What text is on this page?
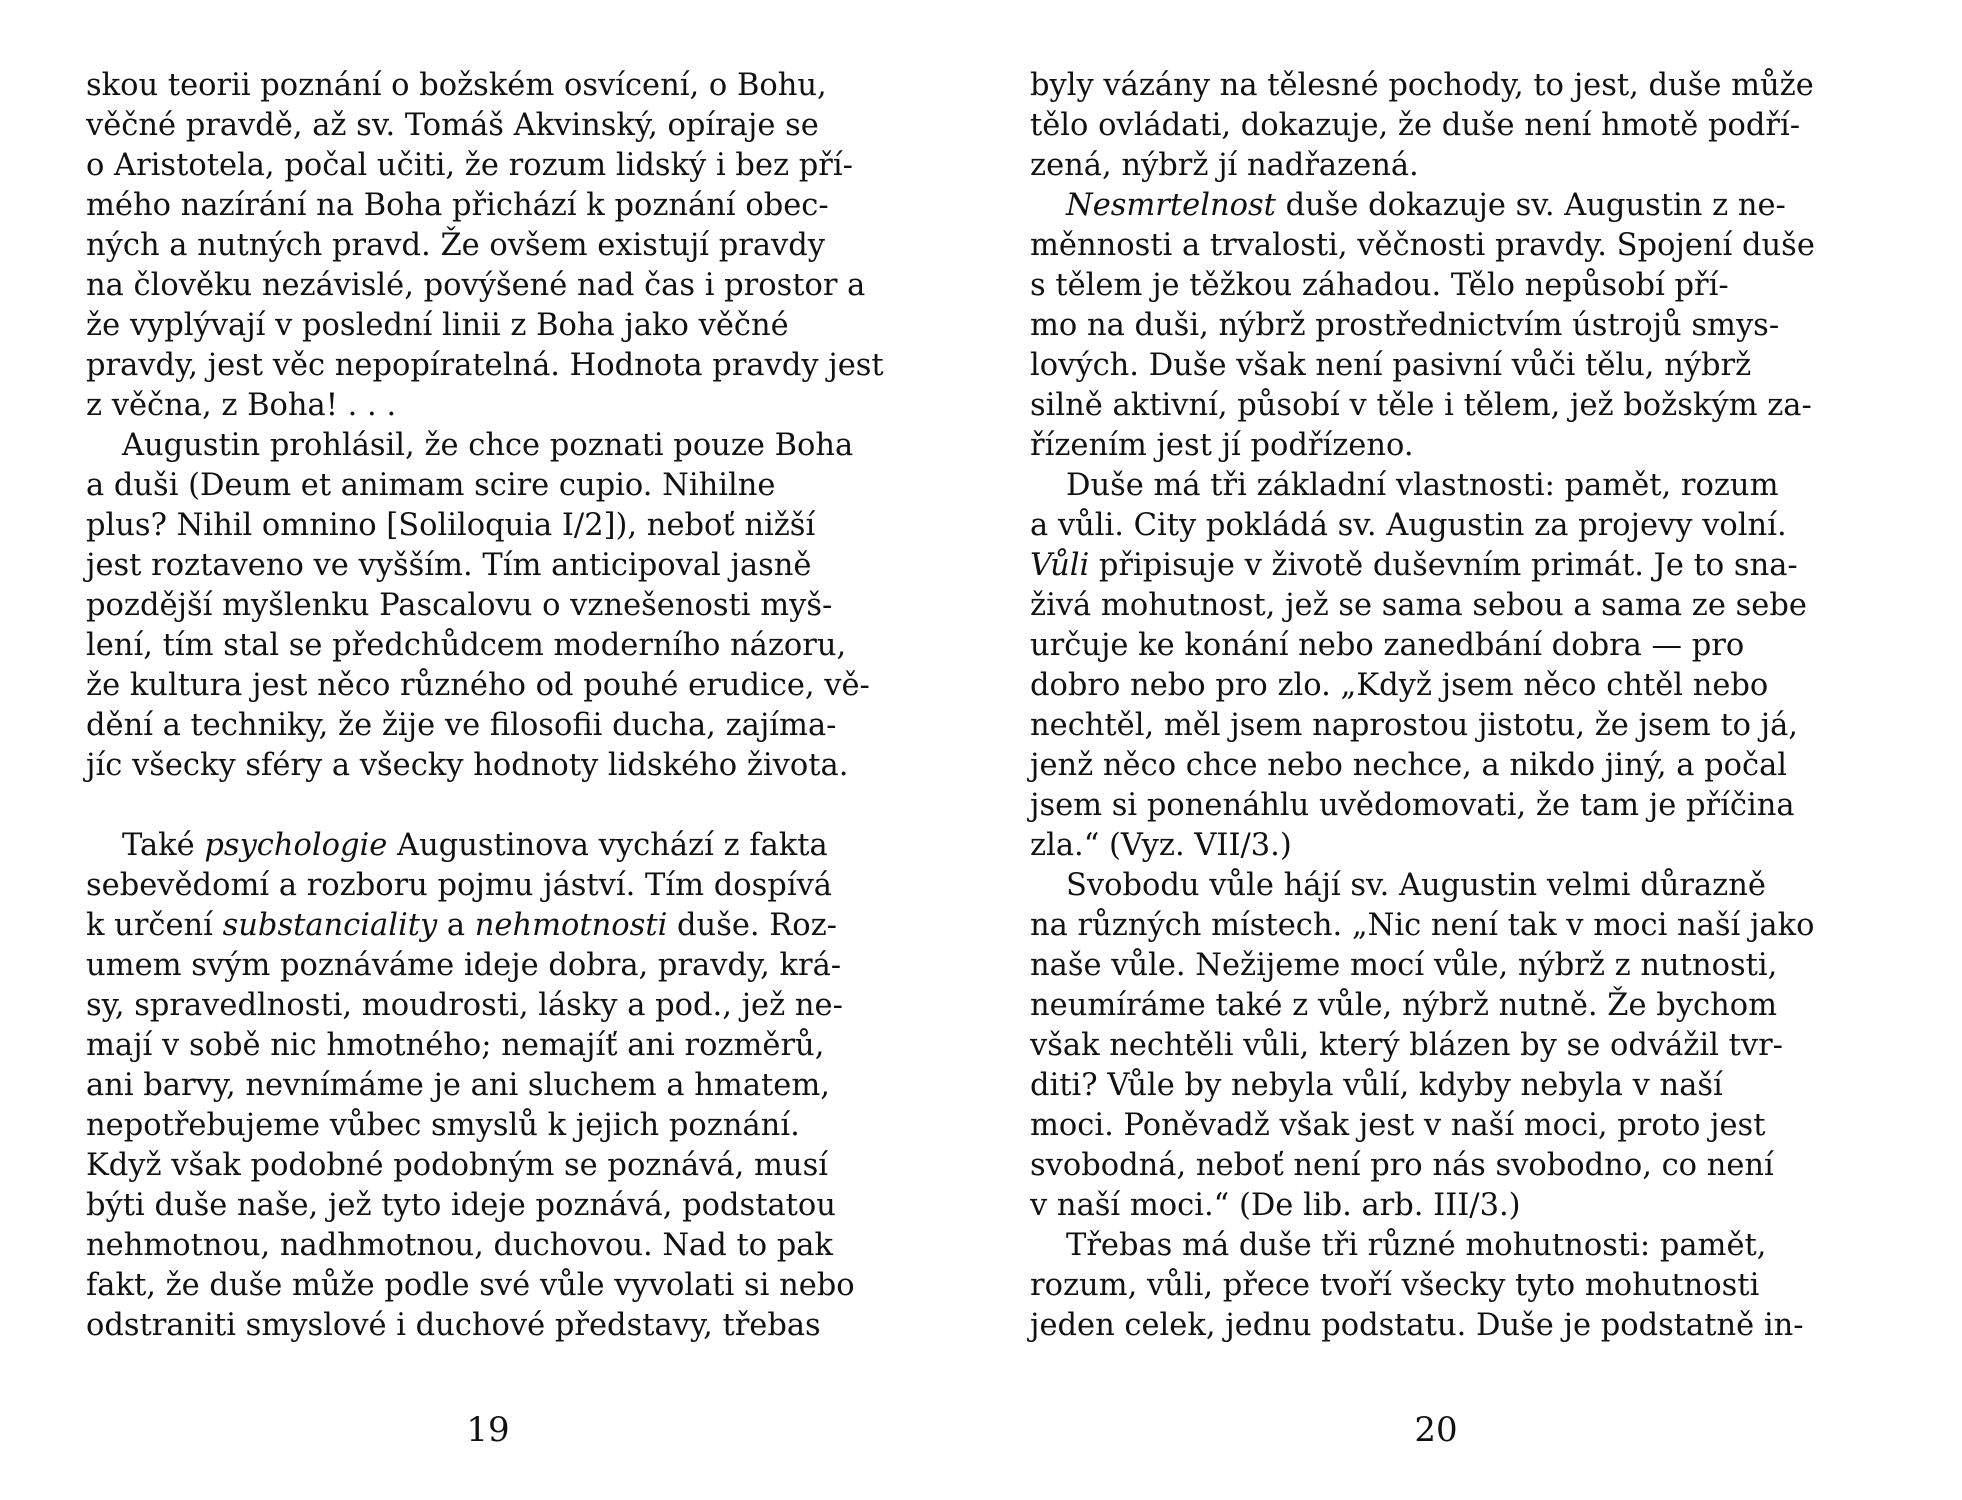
skou teorii poznání o božském osvícení, o Bohu,
věčné pravdě, až sv. Tomáš Akvinský, opíraje se
o Aristotela, počal učiti, že rozum lidský i bez pří-
mého nazírání na Boha přichází k poznání obec-
ných a nutných pravd. Že ovšem existují pravdy
na člověku nezávislé, povýšené nad čas i prostor a
že vyplývají v poslední linii z Boha jako věčné
pravdy, jest věc nepopíratelná. Hodnota pravdy jest
z věčna, z Boha! . . .
Augustin prohlásil, že chce poznati pouze Boha
a duši (Deum et animam scire cupio. Nihilne
plus? Nihil omnino [Soliloquia I/2]), neboť nižší
jest roztaveno ve vyšším. Tím anticipoval jasně
pozdější myšlenku Pascalovu o vznešenosti myš-
lení, tím stal se předchůdcem moderního názoru,
že kultura jest něco různého od pouhé erudice, vě-
dění a techniky, že žije ve filosofii ducha, zajíma-
jíc všecky sféry a všecky hodnoty lidského života.
Také psychologie Augustinova vychází z fakta
sebevědomí a rozboru pojmu jáství. Tím dospívá
k určení substanciality a nehmotnosti duše. Roz-
umem svým poznáváme ideje dobra, pravdy, krá-
sy, spravedlnosti, moudrosti, lásky a pod., jež ne-
mají v sobě nic hmotného; nemajíť ani rozměrů,
ani barvy, nevnímáme je ani sluchem a hmatem,
nepotřebujeme vůbec smyslů k jejich poznání.
Když však podobné podobným se poznává, musí
býti duše naše, jež tyto ideje poznává, podstatou
nehmotnou, nadhmotnou, duchovou. Nad to pak
fakt, že duše může podle své vůle vyvolati si nebo
odstraniti smyslové i duchové představy, třebas
19
byly vázány na tělesné pochody, to jest, duše může
tělo ovládati, dokazuje, že duše není hmotě podří-
zená, nýbrž jí nadřazená.
Nesmrtelnost duše dokazuje sv. Augustin z ne-
měnnosti a trvalosti, věčnosti pravdy. Spojení duše
s tělem je těžkou záhadou. Tělo nepůsobí pří-
mo na duši, nýbrž prostřednictvím ústrojů smys-
lových. Duše však není pasivní vůči tělu, nýbrž
silně aktivní, působí v těle i tělem, jež božským za-
řízením jest jí podřízeno.
Duše má tři základní vlastnosti: pamět, rozum
a vůli. City pokládá sv. Augustin za projevy volní.
Vůli připisuje v životě duševním primát. Je to sna-
živá mohutnost, jež se sama sebou a sama ze sebe
určuje ke konání nebo zanedbání dobra — pro
dobro nebo pro zlo. „Když jsem něco chtěl nebo
nechtěl, měl jsem naprostou jistotu, že jsem to já,
jenž něco chce nebo nechce, a nikdo jiný, a počal
jsem si ponenáhlu uvědomovati, že tam je příčina
zla.“ (Vyz. VII/3.)
Svobodu vůle hájí sv. Augustin velmi důrazně
na různých místech. „Nic není tak v moci naší jako
naše vůle. Nežijeme mocí vůle, nýbrž z nutnosti,
neumíráme také z vůle, nýbrž nutně. Že bychom
však nechtěli vůli, který blázen by se odvážil tvr-
diti? Vůle by nebyla vůlí, kdyby nebyla v naší
moci. Poněvadž však jest v naší moci, proto jest
svobodná, neboť není pro nás svobodno, co není
v naší moci.“ (De lib. arb. III/3.)
Třebas má duše tři různé mohutnosti: pamět,
rozum, vůli, přece tvoří všecky tyto mohutnosti
jeden celek, jednu podstatu. Duše je podstatně in-
20
